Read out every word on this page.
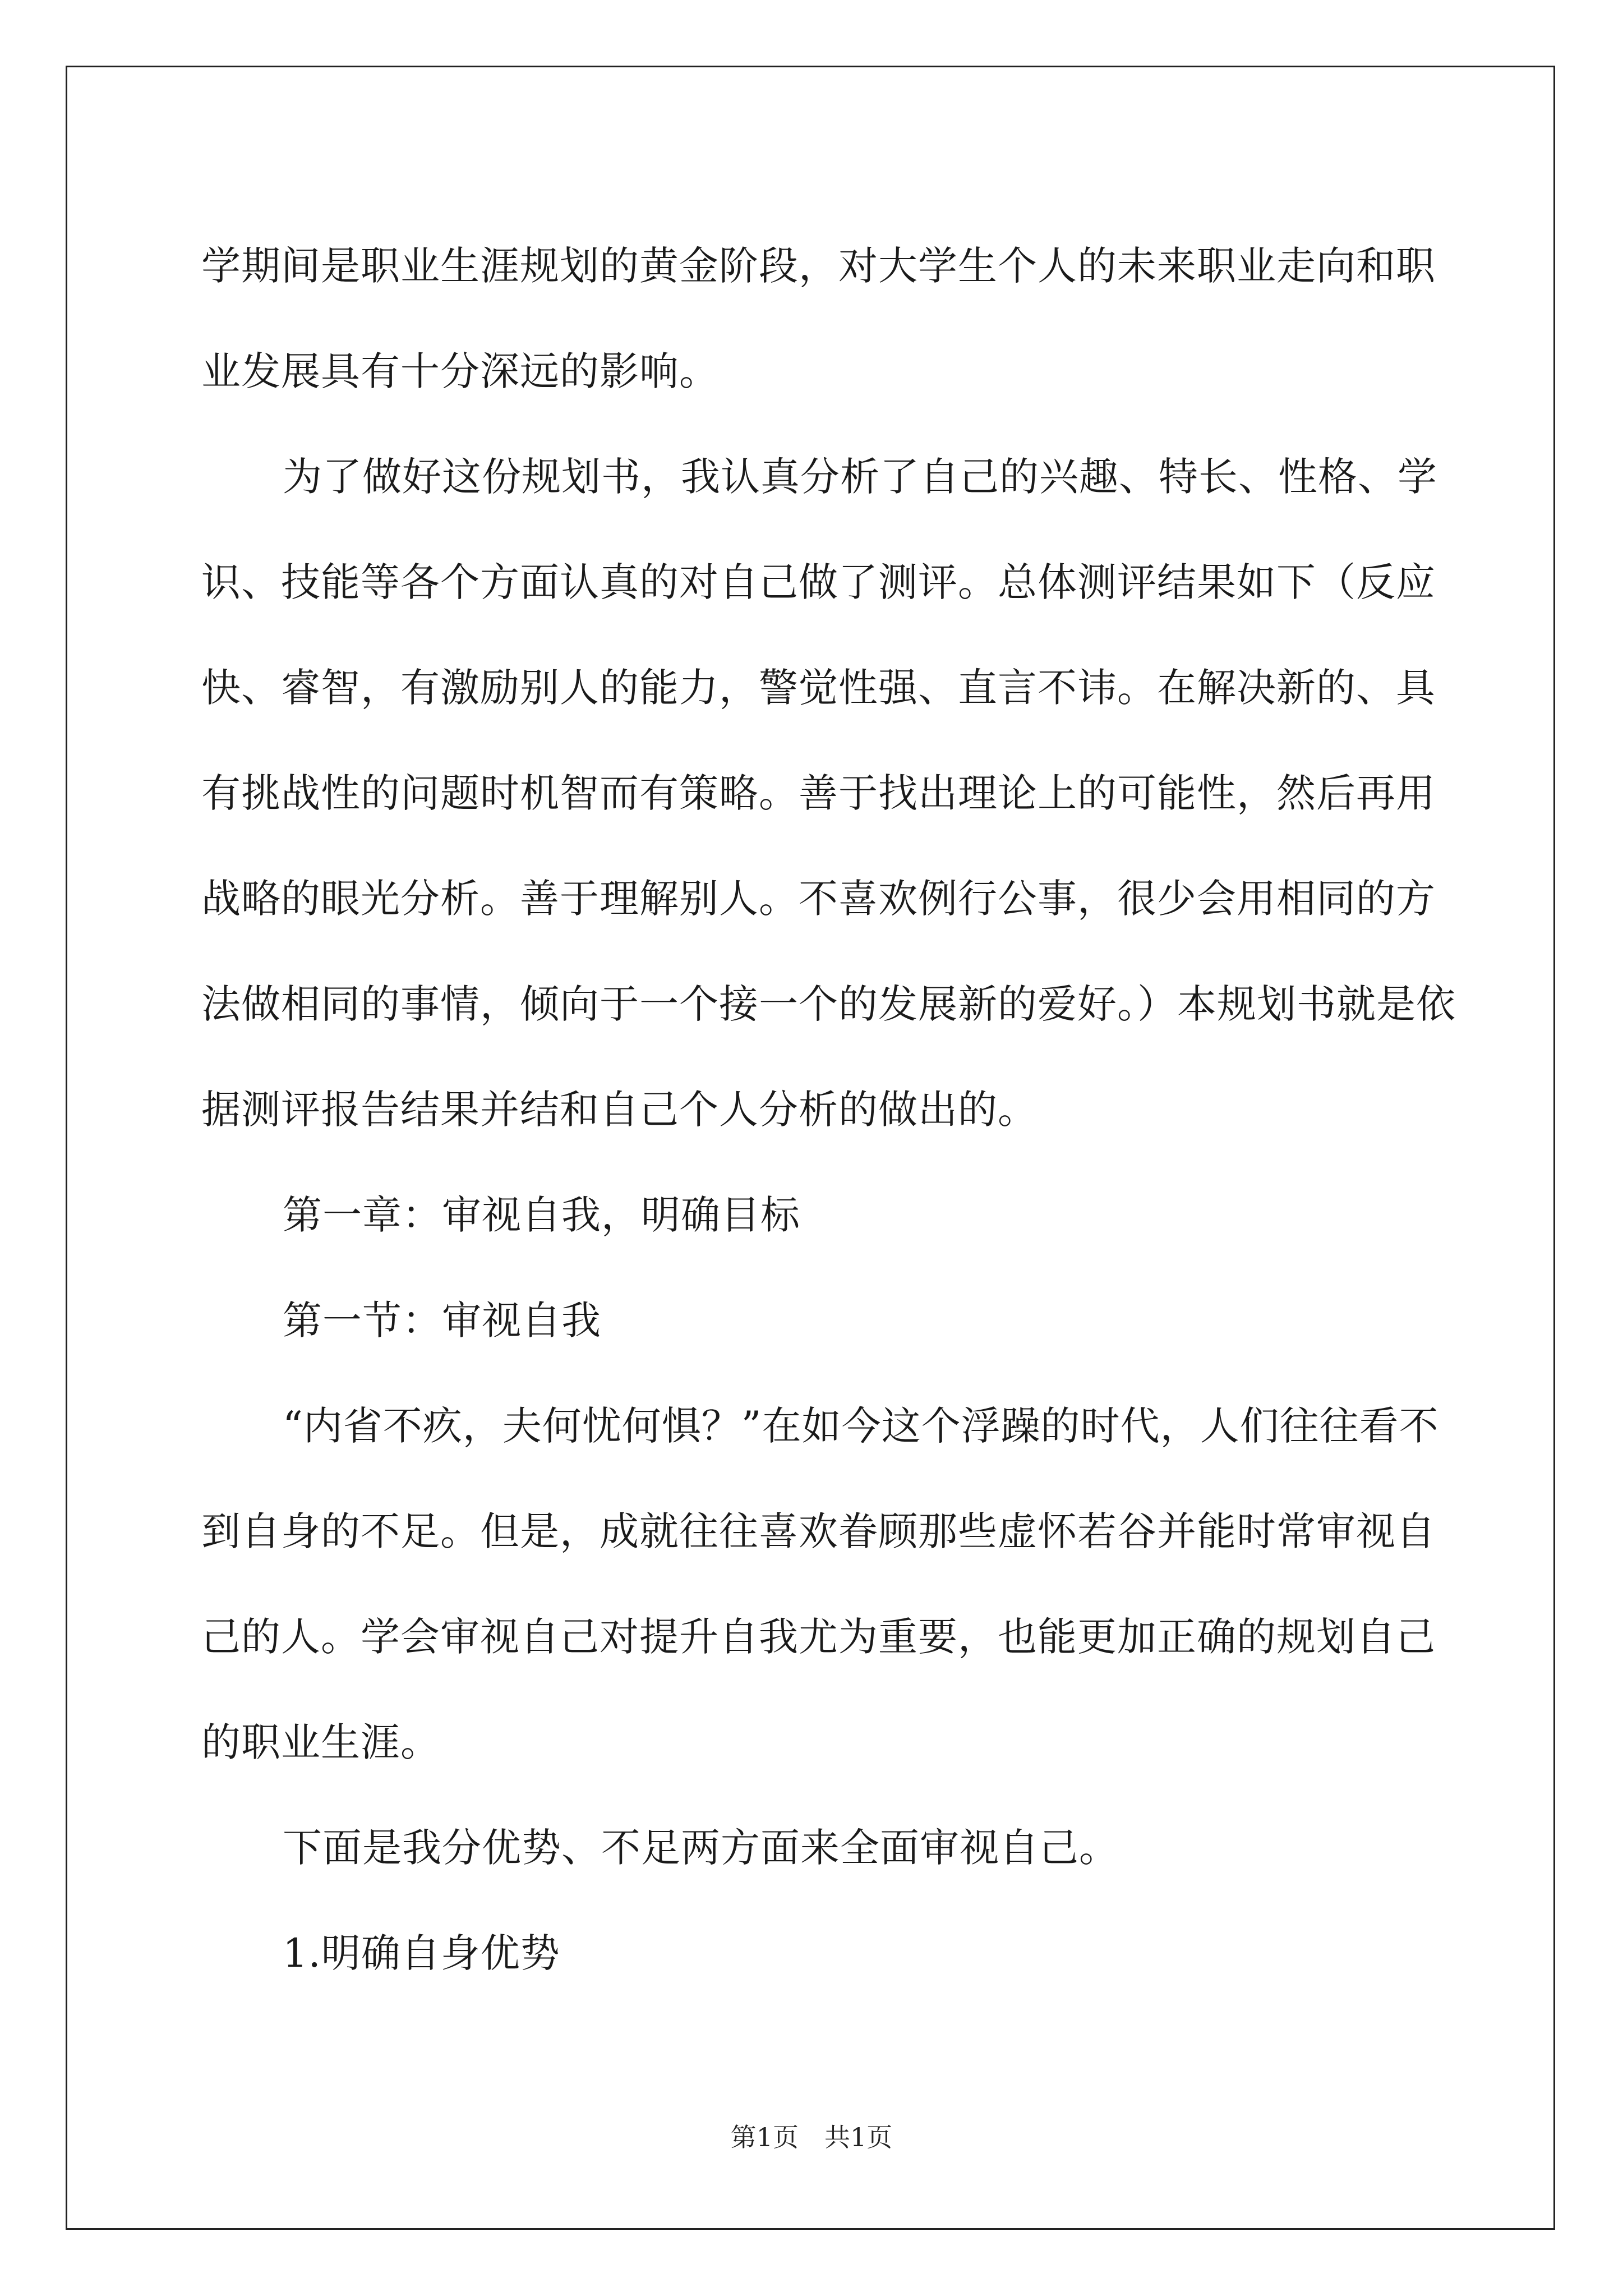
学期间是职业生涯规划的黄金阶段，对大学生个人的未来职业走向和职业发展具有十分深远的影响。

为了做好这份规划书，我认真分析了自己的兴趣、特长、性格、学识、技能等各个方面认真的对自己做了测评。总体测评结果如下（反应快、睿智，有激励别人的能力，警觉性强、直言不讳。在解决新的、具有挑战性的问题时机智而有策略。善于找出理论上的可能性，然后再用战略的眼光分析。善于理解别人。不喜欢例行公事，很少会用相同的方法做相同的事情，倾向于一个接一个的发展新的爱好。）本规划书就是依据测评报告结果并结和自己个人分析的做出的。

第一章：审视自我，明确目标

第一节：审视自我

“内省不疚，夫何忧何惧？”在如今这个浮躁的时代，人们往往看不到自身的不足。但是，成就往往喜欢眷顾那些虚怀若谷并能时常审视自己的人。学会审视自己对提升自我尤为重要，也能更加正确的规划自己的职业生涯。

下面是我分优势、不足两方面来全面审视自己。

1.明确自身优势

第1页 共1页
